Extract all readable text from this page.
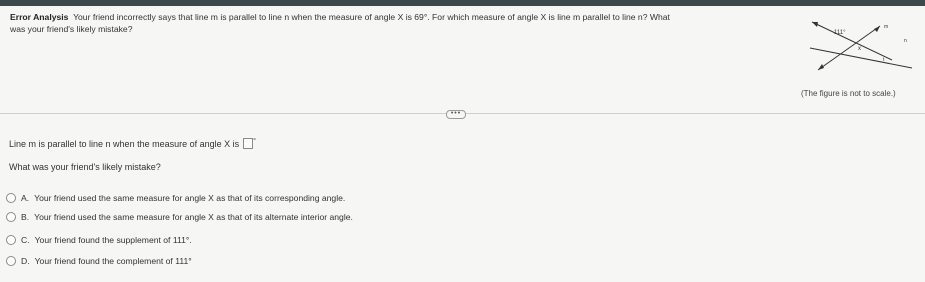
Error Analysis Your friend incorrectly says that line m is parallel to line n when the measure of angle X is 69°. For which measure of angle X is line m parallel to line n? What
was your friend's likely mistake?	111°
x
m
n
t
(The figure is not to scale.)
•••
Line m is parallel to line n when the measure of angle X is °
What was your friend's likely mistake?
A. Your friend used the same measure for angle X as that of its corresponding angle.
B. Your friend used the same measure for angle X as that of its alternate interior angle.
C. Your friend found the supplement of 111°.
D. Your friend found the complement of 111°
